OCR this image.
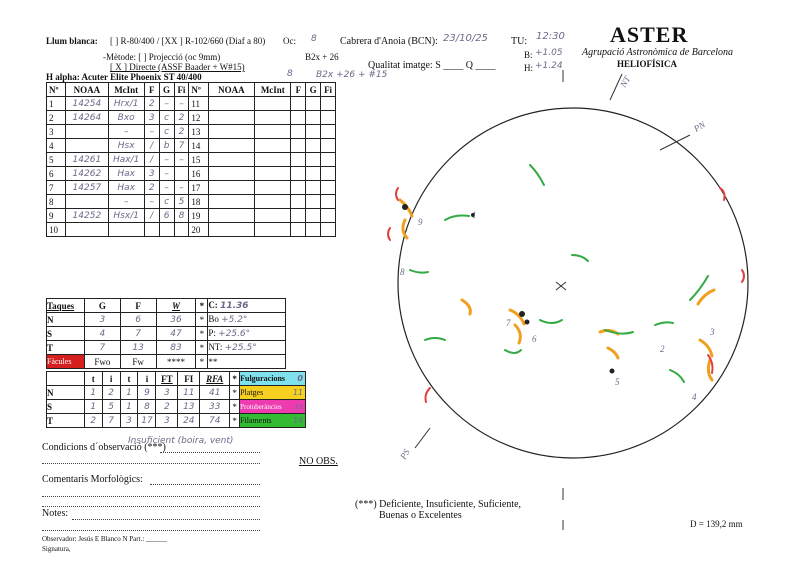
Llum blanca: [ ] R-80/400 / [XX ] R-102/660 (Diaf a 80) Oc: 8
-Mètode: [ ] Projecció (oc 9mm)	B2x + 26
[ X ] Directe (ASSF Baader + W#15)
H alpha: Acuter Elite Phoenix ST 40/400	8	B2x +26 + #15
Cabrera d'Anoia (BCN): 23/10/25 TU: 12:30
Qualitat imatge: S ____ Q ____
B: +1.05
H: +1.24
ASTER
Agrupació Astronòmica de Barcelona
HELIOFÍSICA
Nº	NOAA	McInt	F	G	Fi	Nº	NOAA	McInt	F	G	Fi
1	14254	Hrx/1	2	–	–	11					
2	14264	Bxo	3	c	2	12					
3		–	–	c	2	13					
4		Hsx	/	b	7	14					
5	14261	Hax/1	/	–	–	15					
6	14262	Hax	3	–		16					
7	14257	Hax	2	–	–	17					
8		–	–	c	5	18					
9	14252	Hsx/1	/	6	8	19					
10						20					
Taques	G	F	W	*	C: 11.36
N	3	6	36	*	Bo +5.2°
S	4	7	47	*	P: +25.6°
T	7	13	83	*	NT: +25.5°
Fàcules	Fwo	Fw	****	*	**
	t	i	t	i	FT	FI	RFA	*	Fulguracions 0

N	1	2	1	9	3	11	41	*	Platges 11

S	1	5	1	8	2	13	33	*	Protuberàncies 10

T	2	7	3	17	3	24	74	*	Filaments 14
Condicions d´observació (***)
Insuficient (boira, vent)
NO OBS.
Comentaris Morfològics:
Notes:
Observador: Jesús E Blanco N Part.: ______
Signatura,
(***) Deficiente, Insuficiente, Suficiente,
Buenas o Excelentes
D = 139,2 mm
NT
PN
PS
1
2
3
4
5
6
7
8
9
